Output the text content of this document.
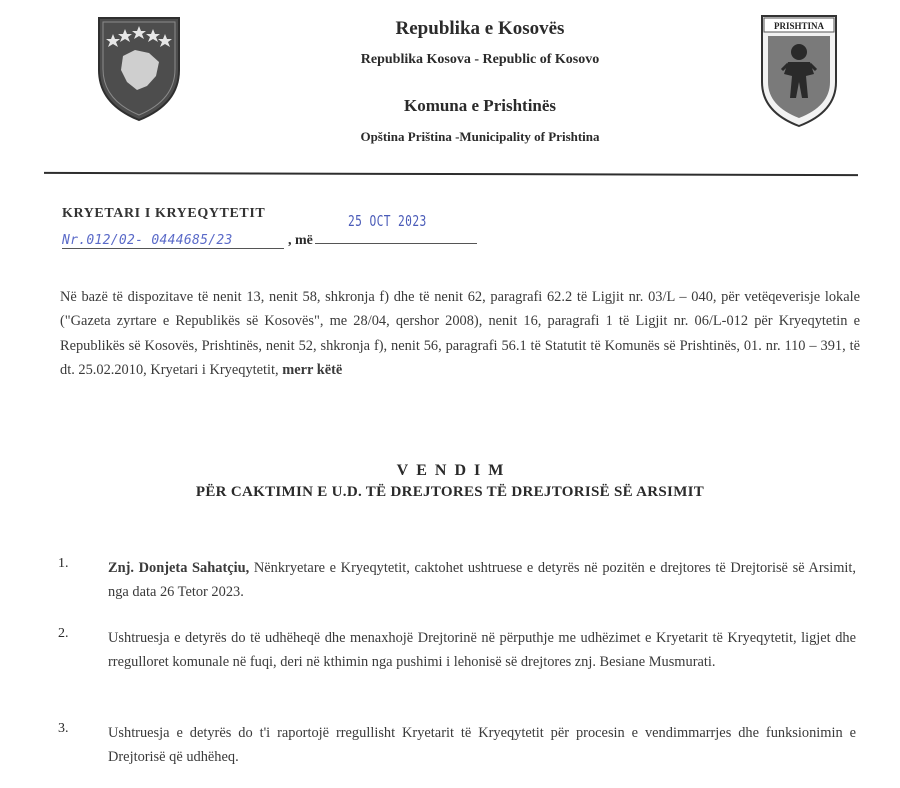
Republika e Kosovës
Republika Kosova - Republic of Kosovo
Komuna e Prishtinës
Opština Priština -Municipality of Prishtina
PRISHTINA
KRYETARI I KRYEQYTETIT	25 OCT 2023
Nr.012/02- 0444685/23	, më
Në bazë të dispozitave të nenit 13, nenit 58, shkronja f) dhe të nenit 62, paragrafi 62.2 të Ligjit nr. 03/L – 040, për vetëqeverisje lokale ("Gazeta zyrtare e Republikës së Kosovës", me 28/04, qershor 2008), nenit 16, paragrafi 1 të Ligjit nr. 06/L-012 për Kryeqytetin e Republikës së Kosovës, Prishtinës, nenit 52, shkronja f), nenit 56, paragrafi 56.1 të Statutit të Komunës së Prishtinës, 01. nr. 110 – 391, të dt. 25.02.2010, Kryetari i Kryeqytetit, merr këtë
VENDIM
PËR CAKTIMIN E U.D. TË DREJTORES TË DREJTORISË SË ARSIMIT
1.	Znj. Donjeta Sahatçiu, Nënkryetare e Kryeqytetit, caktohet ushtruese e detyrës në pozitën e drejtores të Drejtorisë së Arsimit, nga data 26 Tetor 2023.
2.	Ushtruesja e detyrës do të udhëheqë dhe menaxhojë Drejtorinë në përputhje me udhëzimet e Kryetarit të Kryeqytetit, ligjet dhe rregulloret komunale në fuqi, deri në kthimin nga pushimi i lehonisë së drejtores znj. Besiane Musmurati.
3.	Ushtruesja e detyrës do t'i raportojë rregullisht Kryetarit të Kryeqytetit për procesin e vendimmarrjes dhe funksionimin e Drejtorisë që udhëheq.
